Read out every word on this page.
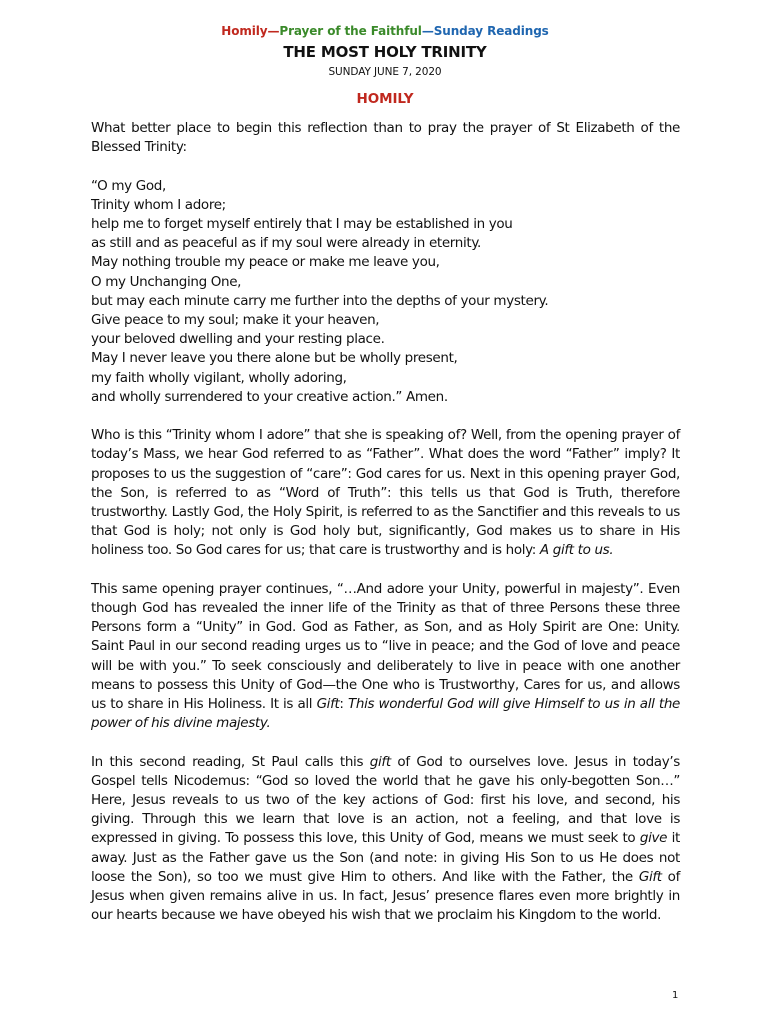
Homily—Prayer of the Faithful—Sunday Readings
THE MOST HOLY TRINITY
SUNDAY JUNE 7, 2020
HOMILY

What better place to begin this reflection than to pray the prayer of St Elizabeth of the Blessed Trinity:

“O my God,
Trinity whom I adore;
help me to forget myself entirely that I may be established in you
as still and as peaceful as if my soul were already in eternity.
May nothing trouble my peace or make me leave you,
O my Unchanging One,
but may each minute carry me further into the depths of your mystery.
Give peace to my soul; make it your heaven,
your beloved dwelling and your resting place.
May I never leave you there alone but be wholly present,
my faith wholly vigilant, wholly adoring,
and wholly surrendered to your creative action.” Amen.

Who is this “Trinity whom I adore” that she is speaking of? Well, from the opening prayer of today’s Mass, we hear God referred to as “Father”. What does the word “Father” imply? It proposes to us the suggestion of “care”: God cares for us. Next in this opening prayer God, the Son, is referred to as “Word of Truth”: this tells us that God is Truth, therefore trustworthy. Lastly God, the Holy Spirit, is referred to as the Sanctifier and this reveals to us that God is holy; not only is God holy but, significantly, God makes us to share in His holiness too. So God cares for us; that care is trustworthy and is holy: A gift to us.

This same opening prayer continues, “…And adore your Unity, powerful in majesty”. Even though God has revealed the inner life of the Trinity as that of three Persons these three Persons form a “Unity” in God. God as Father, as Son, and as Holy Spirit are One: Unity. Saint Paul in our second reading urges us to “live in peace; and the God of love and peace will be with you.” To seek consciously and deliberately to live in peace with one another means to possess this Unity of God—the One who is Trustworthy, Cares for us, and allows us to share in His Holiness. It is all Gift: This wonderful God will give Himself to us in all the power of his divine majesty.

In this second reading, St Paul calls this gift of God to ourselves love. Jesus in today’s Gospel tells Nicodemus: “God so loved the world that he gave his only-begotten Son…” Here, Jesus reveals to us two of the key actions of God: first his love, and second, his giving. Through this we learn that love is an action, not a feeling, and that love is expressed in giving. To possess this love, this Unity of God, means we must seek to give it away. Just as the Father gave us the Son (and note: in giving His Son to us He does not loose the Son), so too we must give Him to others. And like with the Father, the Gift of Jesus when given remains alive in us. In fact, Jesus’ presence flares even more brightly in our hearts because we have obeyed his wish that we proclaim his Kingdom to the world.

1
